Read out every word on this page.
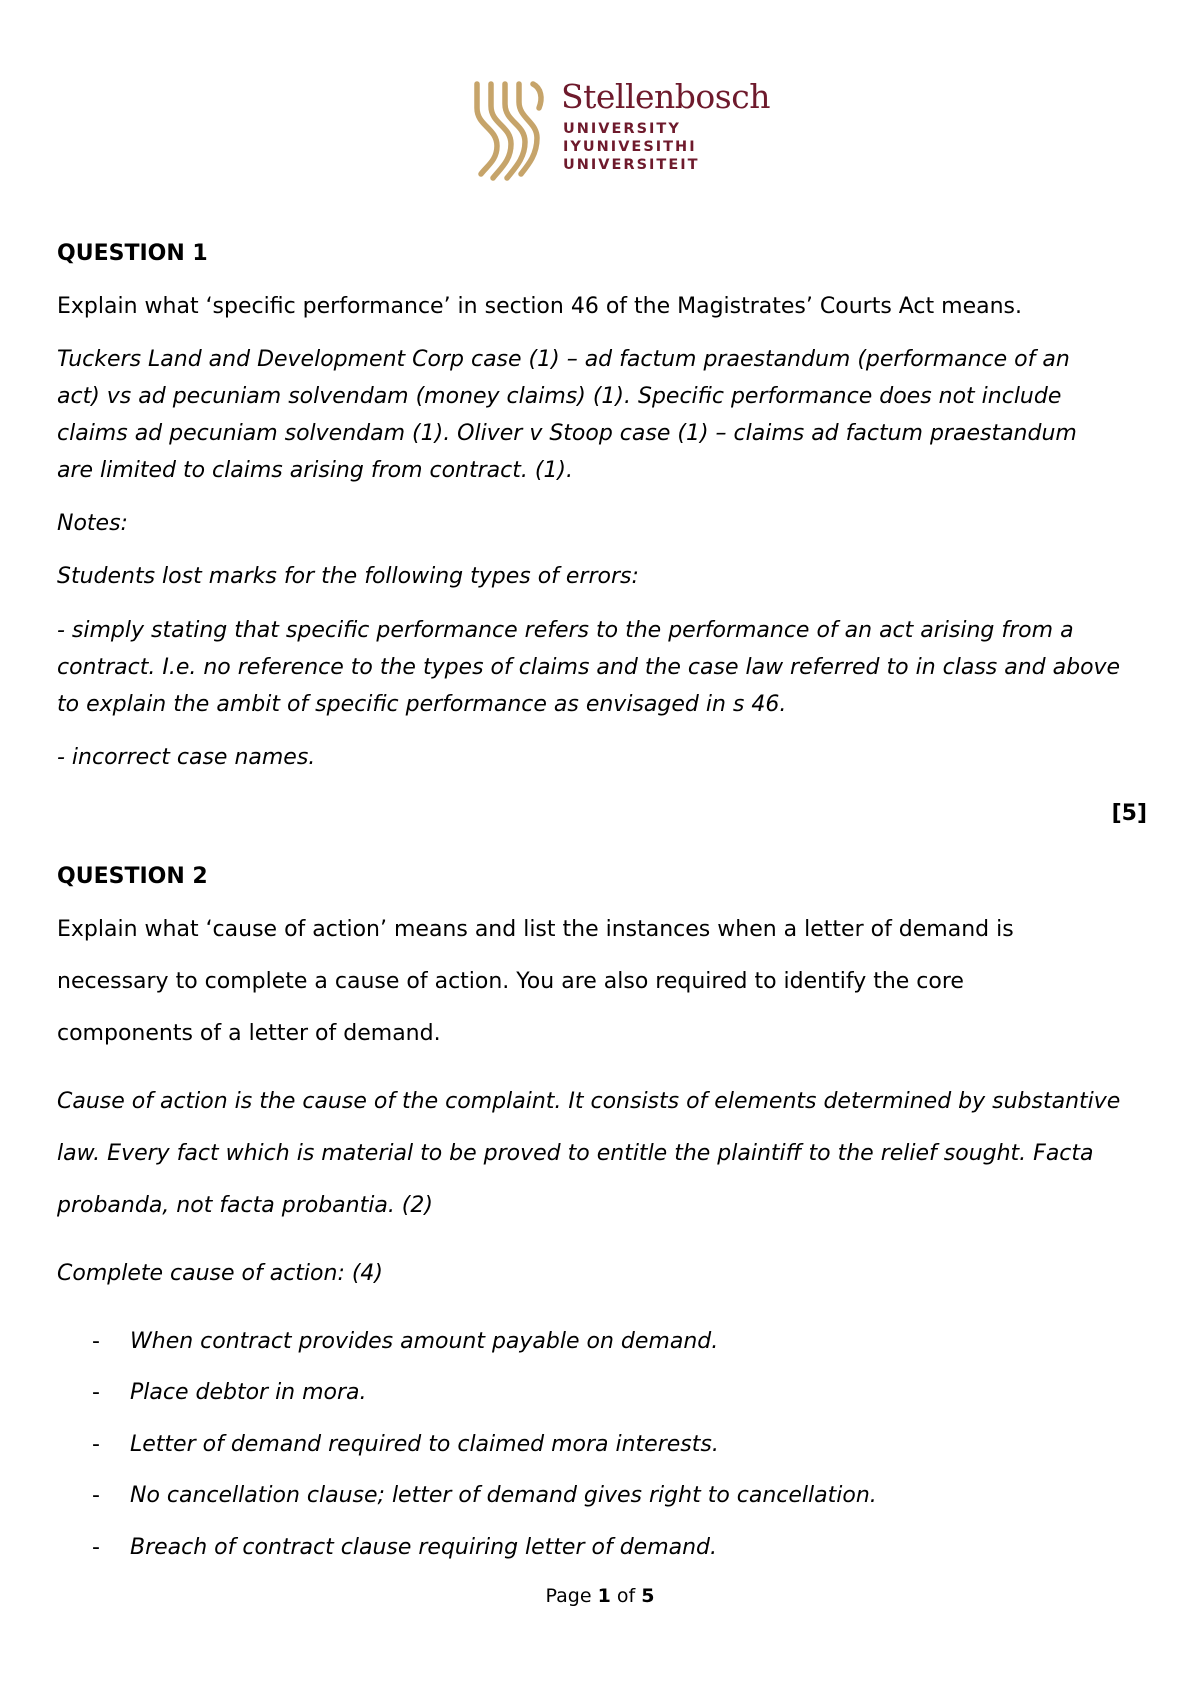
Stellenbosch
UNIVERSITY
IYUNIVESITHI
UNIVERSITEIT
QUESTION 1
Explain what ‘specific performance’ in section 46 of the Magistrates’ Courts Act means.
Tuckers Land and Development Corp case (1) – ad factum praestandum (performance of an
act) vs ad pecuniam solvendam (money claims) (1). Specific performance does not include
claims ad pecuniam solvendam (1). Oliver v Stoop case (1) – claims ad factum praestandum
are limited to claims arising from contract. (1).
Notes:
Students lost marks for the following types of errors:
- simply stating that specific performance refers to the performance of an act arising from a
contract. I.e. no reference to the types of claims and the case law referred to in class and above
to explain the ambit of specific performance as envisaged in s 46.
- incorrect case names.
[5]
QUESTION 2
Explain what ‘cause of action’ means and list the instances when a letter of demand is
necessary to complete a cause of action. You are also required to identify the core
components of a letter of demand.
Cause of action is the cause of the complaint. It consists of elements determined by substantive
law. Every fact which is material to be proved to entitle the plaintiff to the relief sought. Facta
probanda, not facta probantia. (2)
Complete cause of action: (4)
- When contract provides amount payable on demand.
- Place debtor in mora.
- Letter of demand required to claimed mora interests.
- No cancellation clause; letter of demand gives right to cancellation.
- Breach of contract clause requiring letter of demand.
Page 1 of 5
